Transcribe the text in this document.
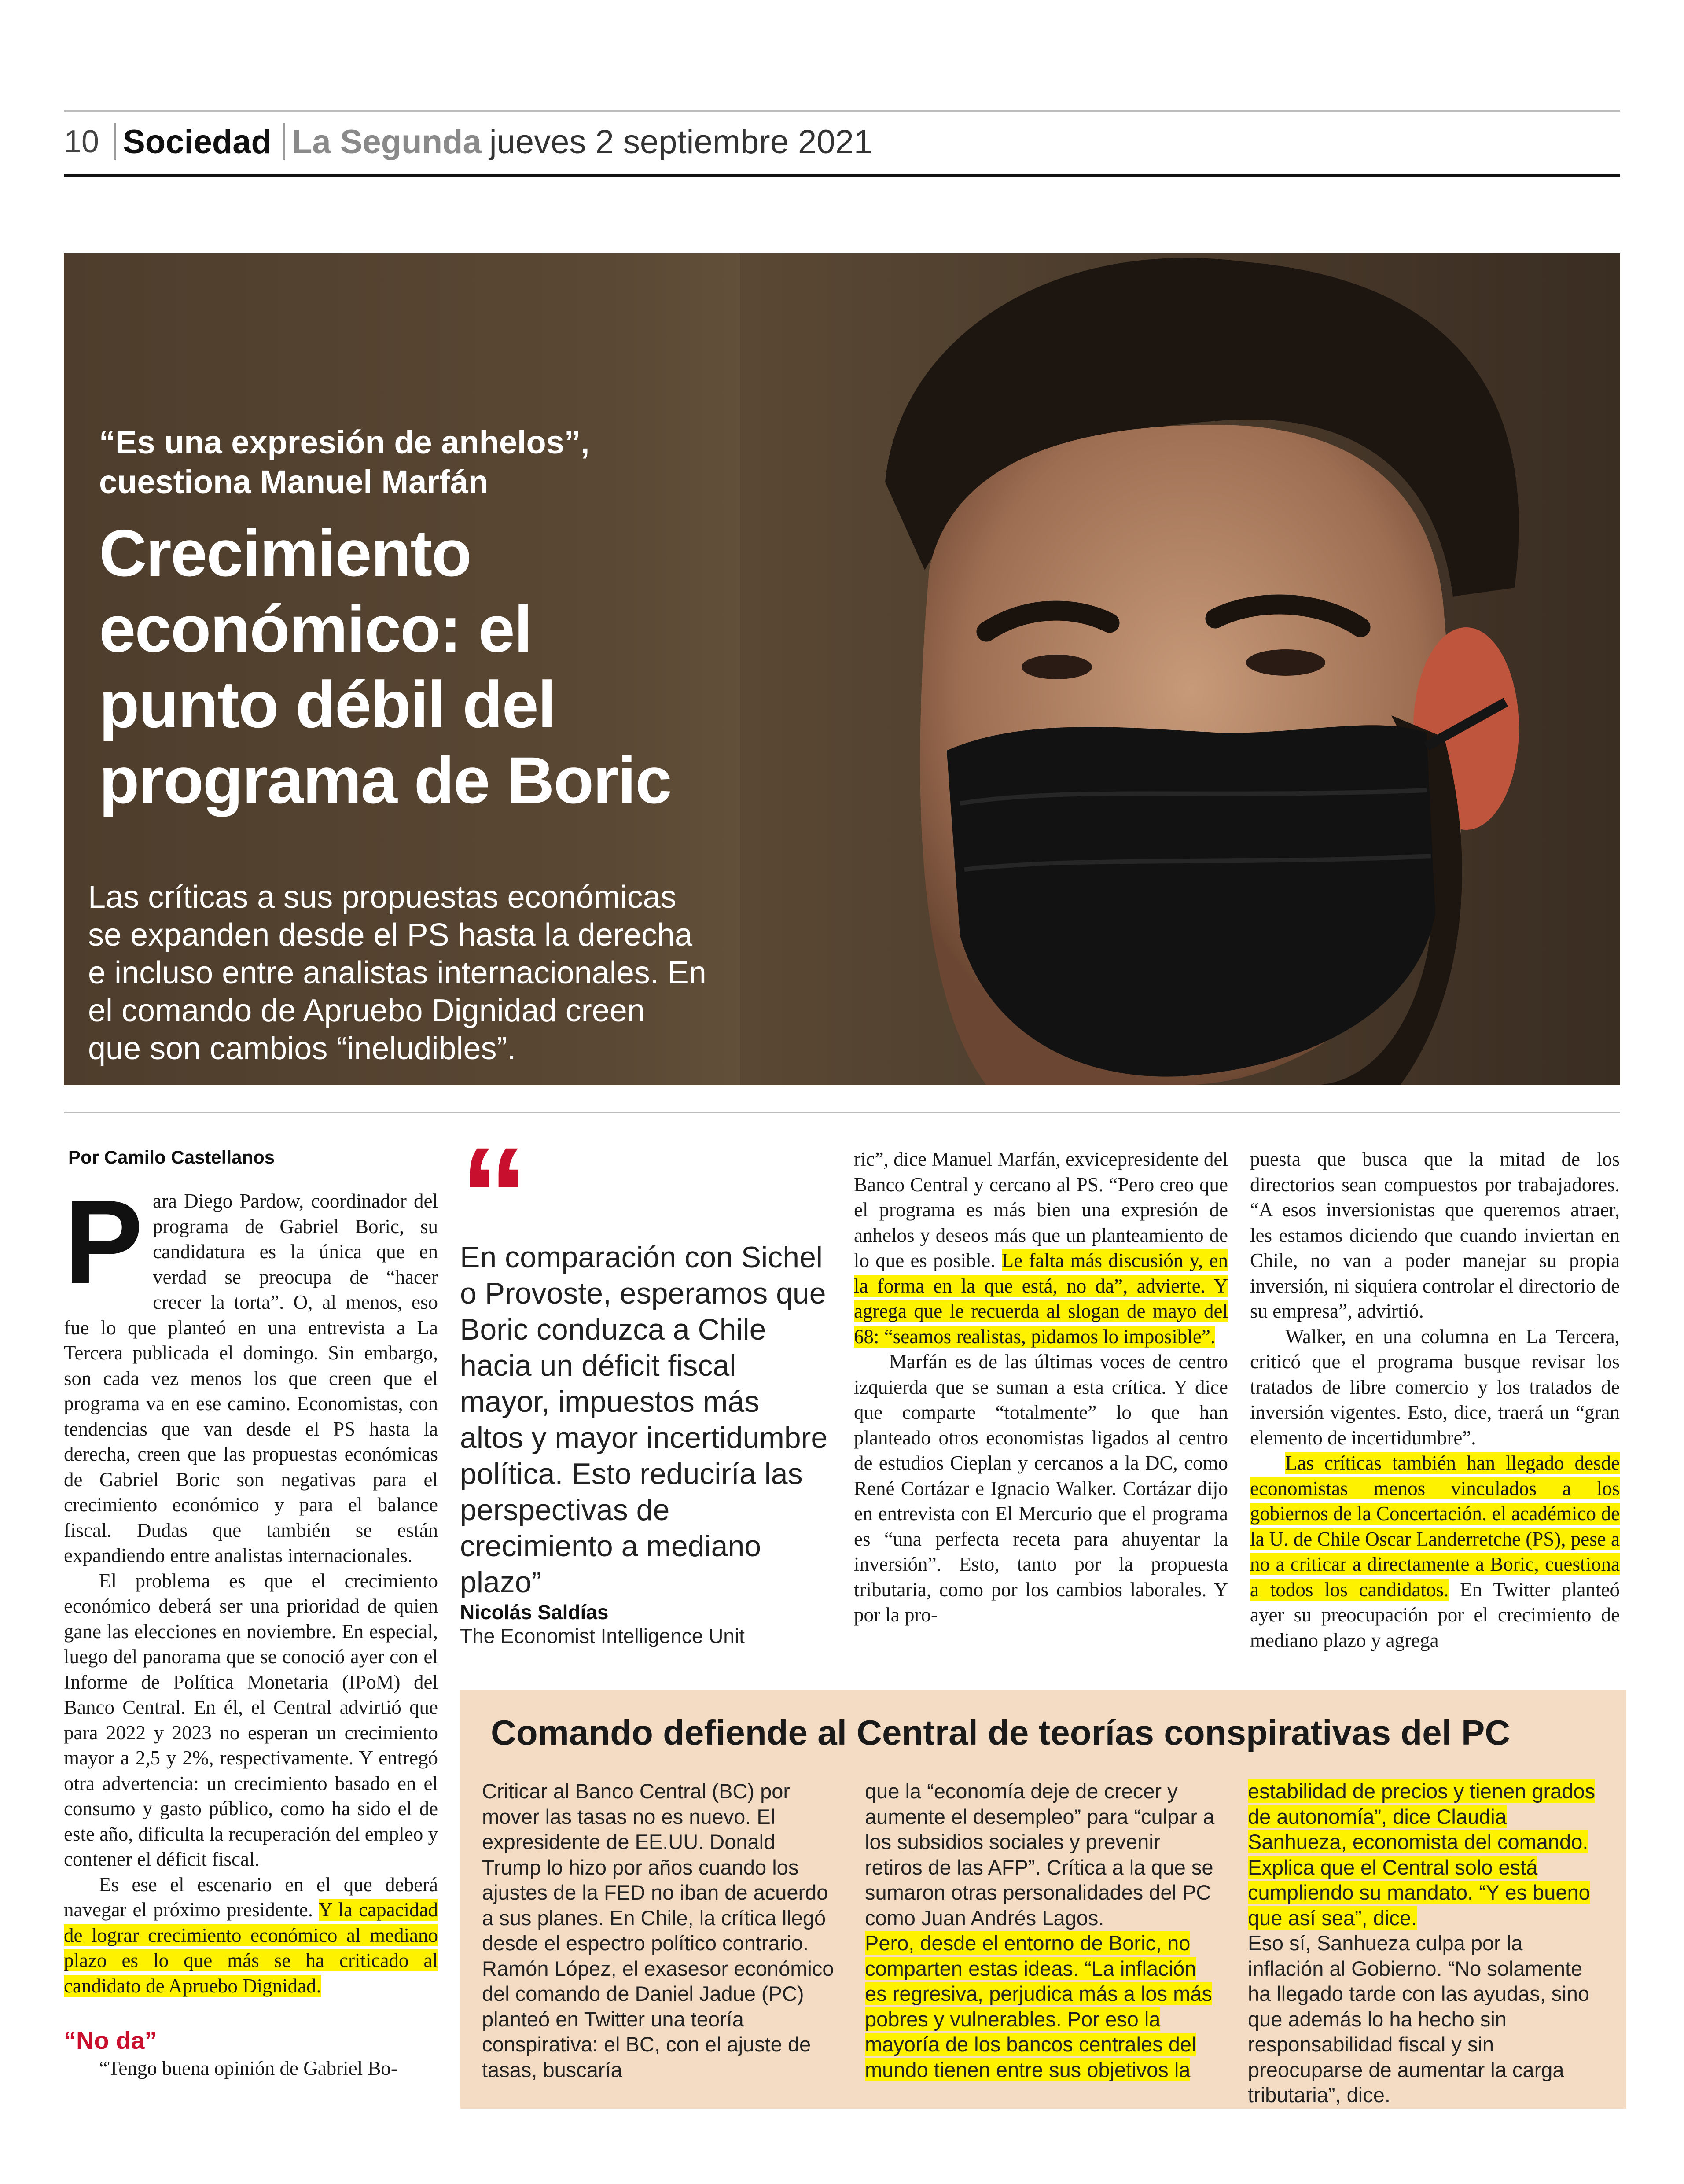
10 Sociedad La Segunda jueves 2 septiembre 2021
“Es una expresión de anhelos”,
cuestiona Manuel Marfán
Crecimiento
económico: el
punto débil del
programa de Boric
Las críticas a sus propuestas económicas
se expanden desde el PS hasta la derecha
e incluso entre analistas internacionales. En
el comando de Apruebo Dignidad creen
que son cambios “ineludibles”.
Por Camilo Castellanos

Para Diego Pardow, coordinador del programa de Gabriel Boric, su candidatura es la única que en verdad se preocupa de “hacer crecer la torta”. O, al menos, eso fue lo que planteó en una entrevista a La Tercera publicada el domingo. Sin embargo, son cada vez menos los que creen que el programa va en ese camino. Economistas, con tendencias que van desde el PS hasta la derecha, creen que las propuestas económicas de Gabriel Boric son negativas para el crecimiento económico y para el balance fiscal. Dudas que también se están expandiendo entre analistas internacionales.

El problema es que el crecimiento económico deberá ser una prioridad de quien gane las elecciones en noviembre. En especial, luego del panorama que se conoció ayer con el Informe de Política Monetaria (IPoM) del Banco Central. En él, el Central advirtió que para 2022 y 2023 no esperan un crecimiento mayor a 2,5 y 2%, respectivamente. Y entregó otra advertencia: un crecimiento basado en el consumo y gasto público, como ha sido el de este año, dificulta la recuperación del empleo y contener el déficit fiscal.

Es ese el escenario en el que deberá navegar el próximo presidente. Y la capacidad de lograr crecimiento económico al mediano plazo es lo que más se ha criticado al candidato de Apruebo Dignidad.

“No da”

“Tengo buena opinión de Gabriel Bo-

“
En comparación con Sichel o Provoste, esperamos que Boric conduzca a Chile hacia un déficit fiscal mayor, impuestos más altos y mayor incertidumbre política. Esto reduciría las perspectivas de crecimiento a mediano plazo”
Nicolás Saldías
The Economist Intelligence Unit

ric”, dice Manuel Marfán, exvicepresidente del Banco Central y cercano al PS. “Pero creo que el programa es más bien una expresión de anhelos y deseos más que un planteamiento de lo que es posible. Le falta más discusión y, en la forma en la que está, no da”, advierte. Y agrega que le recuerda al slogan de mayo del 68: “seamos realistas, pidamos lo imposible”.

Marfán es de las últimas voces de centro izquierda que se suman a esta crítica. Y dice que comparte “totalmente” lo que han planteado otros economistas ligados al centro de estudios Cieplan y cercanos a la DC, como René Cortázar e Ignacio Walker. Cortázar dijo en entrevista con El Mercurio que el programa es “una perfecta receta para ahuyentar la inversión”. Esto, tanto por la propuesta tributaria, como por los cambios laborales. Y por la pro-

puesta que busca que la mitad de los directorios sean compuestos por trabajadores. “A esos inversionistas que queremos atraer, les estamos diciendo que cuando inviertan en Chile, no van a poder manejar su propia inversión, ni siquiera controlar el directorio de su empresa”, advirtió.

Walker, en una columna en La Tercera, criticó que el programa busque revisar los tratados de libre comercio y los tratados de inversión vigentes. Esto, dice, traerá un “gran elemento de incertidumbre”.

Las críticas también han llegado desde economistas menos vinculados a los gobiernos de la Concertación. el académico de la U. de Chile Oscar Landerretche (PS), pese a no a criticar a directamente a Boric, cuestiona a todos los candidatos. En Twitter planteó ayer su preocupación por el crecimiento de mediano plazo y agrega

Comando defiende al Central de teorías conspirativas del PC

Criticar al Banco Central (BC) por mover las tasas no es nuevo. El expresidente de EE.UU. Donald Trump lo hizo por años cuando los ajustes de la FED no iban de acuerdo a sus planes. En Chile, la crítica llegó desde el espectro político contrario. Ramón López, el exasesor económico del comando de Daniel Jadue (PC) planteó en Twitter una teoría conspirativa: el BC, con el ajuste de tasas, buscaría

que la “economía deje de crecer y aumente el desempleo” para “culpar a los subsidios sociales y prevenir retiros de las AFP”. Crítica a la que se sumaron otras personalidades del PC como Juan Andrés Lagos.

Pero, desde el entorno de Boric, no comparten estas ideas. “La inflación es regresiva, perjudica más a los más pobres y vulnerables. Por eso la mayoría de los bancos centrales del mundo tienen entre sus objetivos la

estabilidad de precios y tienen grados de autonomía”, dice Claudia Sanhueza, economista del comando. Explica que el Central solo está cumpliendo su mandato. “Y es bueno que así sea”, dice.

Eso sí, Sanhueza culpa por la inflación al Gobierno. “No solamente ha llegado tarde con las ayudas, sino que además lo ha hecho sin responsabilidad fiscal y sin preocuparse de aumentar la carga tributaria”, dice.
